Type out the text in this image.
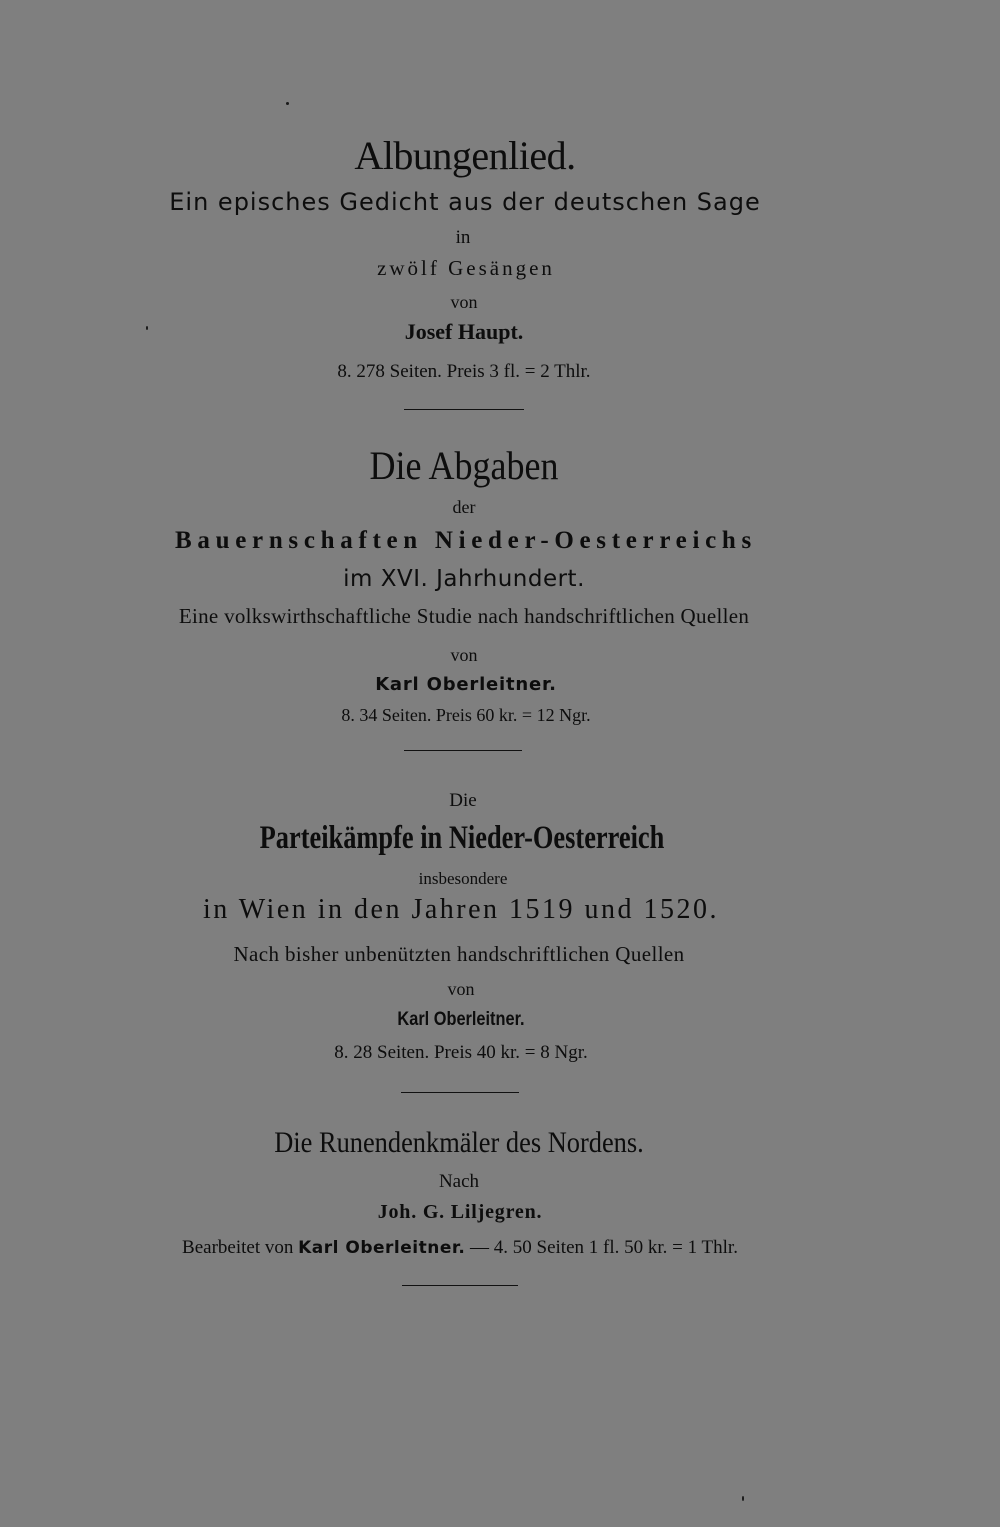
Albungenlied.
Ein episches Gedicht aus der deutschen Sage
in
zwölf Gesängen
von
Josef Haupt.
8. 278 Seiten. Preis 3 fl. = 2 Thlr.
Die Abgaben
der
Bauernschaften Nieder-Oesterreichs
im XVI. Jahrhundert.
Eine volkswirthschaftliche Studie nach handschriftlichen Quellen
von
Karl Oberleitner.
8. 34 Seiten. Preis 60 kr. = 12 Ngr.
Die
Parteikämpfe in Nieder-Oesterreich
insbesondere
in Wien in den Jahren 1519 und 1520.
Nach bisher unbenützten handschriftlichen Quellen
von
Karl Oberleitner.
8. 28 Seiten. Preis 40 kr. = 8 Ngr.
Die Runendenkmäler des Nordens.
Nach
Joh. G. Liljegren.
Bearbeitet von Karl Oberleitner. — 4. 50 Seiten 1 fl. 50 kr. = 1 Thlr.
